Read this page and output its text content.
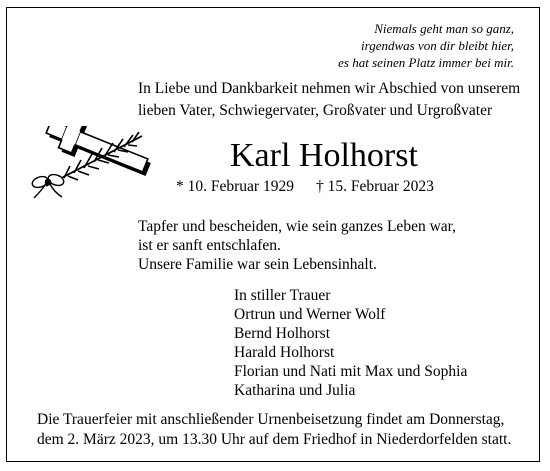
Niemals geht man so ganz,
irgendwas von dir bleibt hier,
es hat seinen Platz immer bei mir.
In Liebe und Dankbarkeit nehmen wir Abschied von unserem
lieben Vater, Schwiegervater, Großvater und Urgroßvater
Karl Holhorst
* 10. Februar 1929 † 15. Februar 2023
Tapfer und bescheiden, wie sein ganzes Leben war,
ist er sanft entschlafen.
Unsere Familie war sein Lebensinhalt.
In stiller Trauer
Ortrun und Werner Wolf
Bernd Holhorst
Harald Holhorst
Florian und Nati mit Max und Sophia
Katharina und Julia
Die Trauerfeier mit anschließender Urnenbeisetzung findet am Donnerstag,
dem 2. März 2023, um 13.30 Uhr auf dem Friedhof in Niederdorfelden statt.
